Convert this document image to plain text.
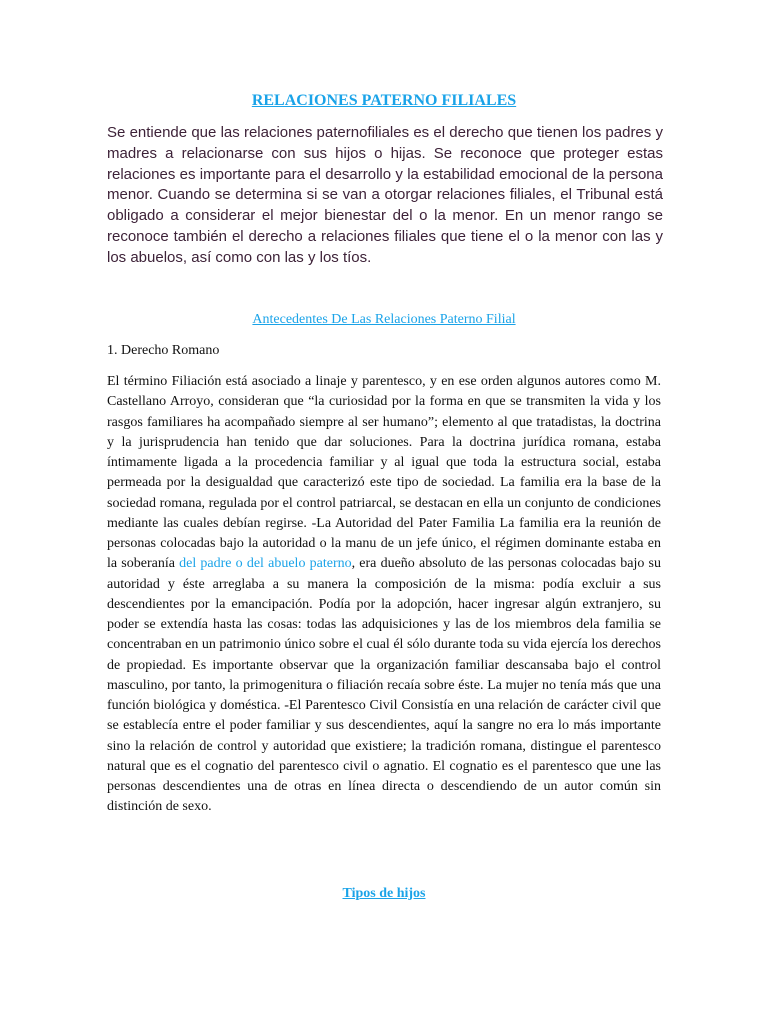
RELACIONES PATERNO FILIALES

Se entiende que las relaciones paternofiliales es el derecho que tienen los padres y madres a relacionarse con sus hijos o hijas. Se reconoce que proteger estas relaciones es importante para el desarrollo y la estabilidad emocional de la persona menor. Cuando se determina si se van a otorgar relaciones filiales, el Tribunal está obligado a considerar el mejor bienestar del o la menor. En un menor rango se reconoce también el derecho a relaciones filiales que tiene el o la menor con las y los abuelos, así como con las y los tíos.

Antecedentes De Las Relaciones Paterno Filial
1. Derecho Romano

El término Filiación está asociado a linaje y parentesco, y en ese orden algunos autores como M. Castellano Arroyo, consideran que “la curiosidad por la forma en que se transmiten la vida y los rasgos familiares ha acompañado siempre al ser humano”; elemento al que tratadistas, la doctrina y la jurisprudencia han tenido que dar soluciones. Para la doctrina jurídica romana, estaba íntimamente ligada a la procedencia familiar y al igual que toda la estructura social, estaba permeada por la desigualdad que caracterizó este tipo de sociedad. La familia era la base de la sociedad romana, regulada por el control patriarcal, se destacan en ella un conjunto de condiciones mediante las cuales debían regirse. -La Autoridad del Pater Familia La familia era la reunión de personas colocadas bajo la autoridad o la manu de un jefe único, el régimen dominante estaba en la soberanía del padre o del abuelo paterno, era dueño absoluto de las personas colocadas bajo su autoridad y éste arreglaba a su manera la composición de la misma: podía excluir a sus descendientes por la emancipación. Podía por la adopción, hacer ingresar algún extranjero, su poder se extendía hasta las cosas: todas las adquisiciones y las de los miembros dela familia se concentraban en un patrimonio único sobre el cual él sólo durante toda su vida ejercía los derechos de propiedad. Es importante observar que la organización familiar descansaba bajo el control masculino, por tanto, la primogenitura o filiación recaía sobre éste. La mujer no tenía más que una función biológica y doméstica. -El Parentesco Civil Consistía en una relación de carácter civil que se establecía entre el poder familiar y sus descendientes, aquí la sangre no era lo más importante sino la relación de control y autoridad que existiere; la tradición romana, distingue el parentesco natural que es el cognatio del parentesco civil o agnatio. El cognatio es el parentesco que une las personas descendientes una de otras en línea directa o descendiendo de un autor común sin distinción de sexo.

Tipos de hijos
